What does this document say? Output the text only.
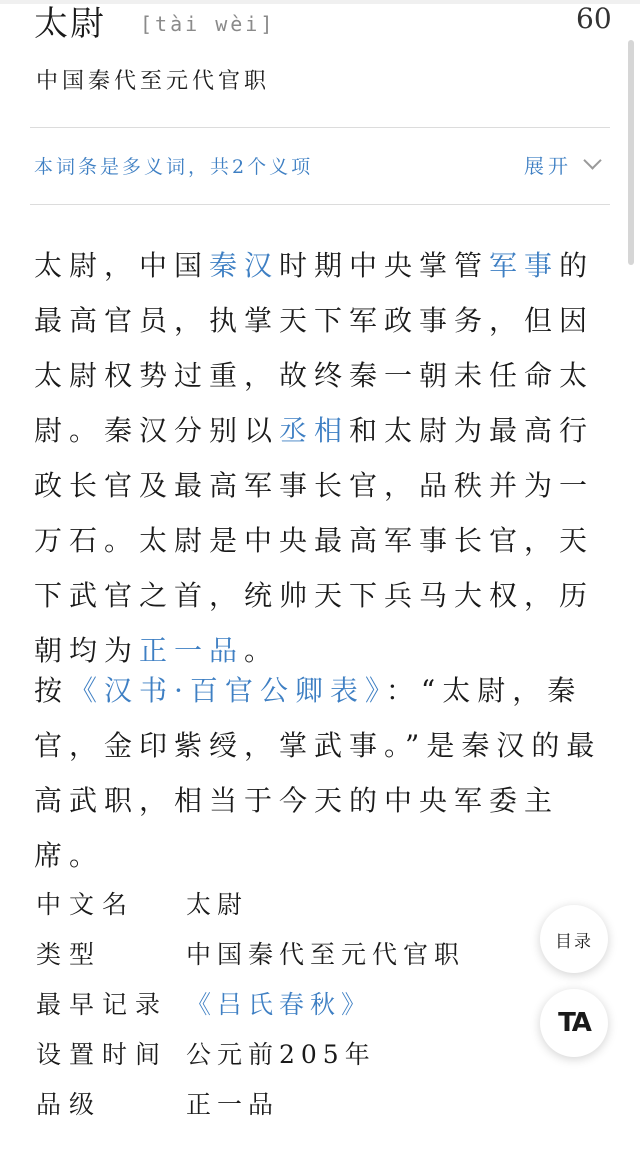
太尉 [tài wèi]	60
中国秦代至元代官职
本词条是多义词，共2个义项	展开
太尉，中国秦汉时期中央掌管军事的最高官员，执掌天下军政事务，但因太尉权势过重，故终秦一朝未任命太尉。秦汉分别以丞相和太尉为最高行政长官及最高军事长官，品秩并为一万石。太尉是中央最高军事长官，天下武官之首，统帅天下兵马大权，历朝均为正一品。
按《汉书·百官公卿表》：“太尉，秦官，金印紫绶，掌武事。”是秦汉的最高武职，相当于今天的中央军委主席。
中文名	太尉
类型	中国秦代至元代官职
最早记录 《吕氏春秋》
设置时间 公元前205年
品级	正一品
目录
TA
